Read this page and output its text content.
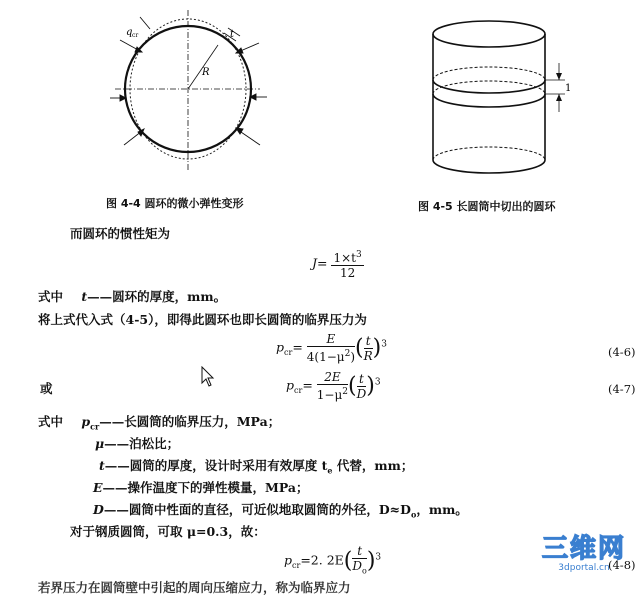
q cr	t
R
图 4-4 圆环的微小弹性变形
1
图 4-5 长圆筒中切出的圆环
而圆环的惯性矩为
$J= \frac{1\times t^3}{12}$
式中 t——圆环的厚度，mm。
将上式代入式（4-5），即得此圆环也即长圆筒的临界压力为
$p_{cr}= \frac{E}{4(1-\mu^2)}$ ( $\frac{t}{R} )^3$
(4-6)
或	$p_{cr}= \frac{2E}{1-\mu^2}$ ( $\frac{t}{D} )^3$	(4-7)
式中 $p_{cr}——$长圆筒的临界压力，MPa；
μ——泊松比；
t——圆筒的厚度，设计时采用有效厚度 $t_e$ 代替，mm；
E——操作温度下的弹性模量，MPa；
D——圆筒中性面的直径，可近似地取圆筒的外径，$D\approx D_o$，mm。
对于钢质圆筒，可取 μ=0.3，故：
$p_{cr}=2$. $2E( \frac{t}{D_o} )^3$
(4-8)
若界压力在圆筒壁中引起的周向压缩应力，称为临界应力
三维网
3dportal.cn
